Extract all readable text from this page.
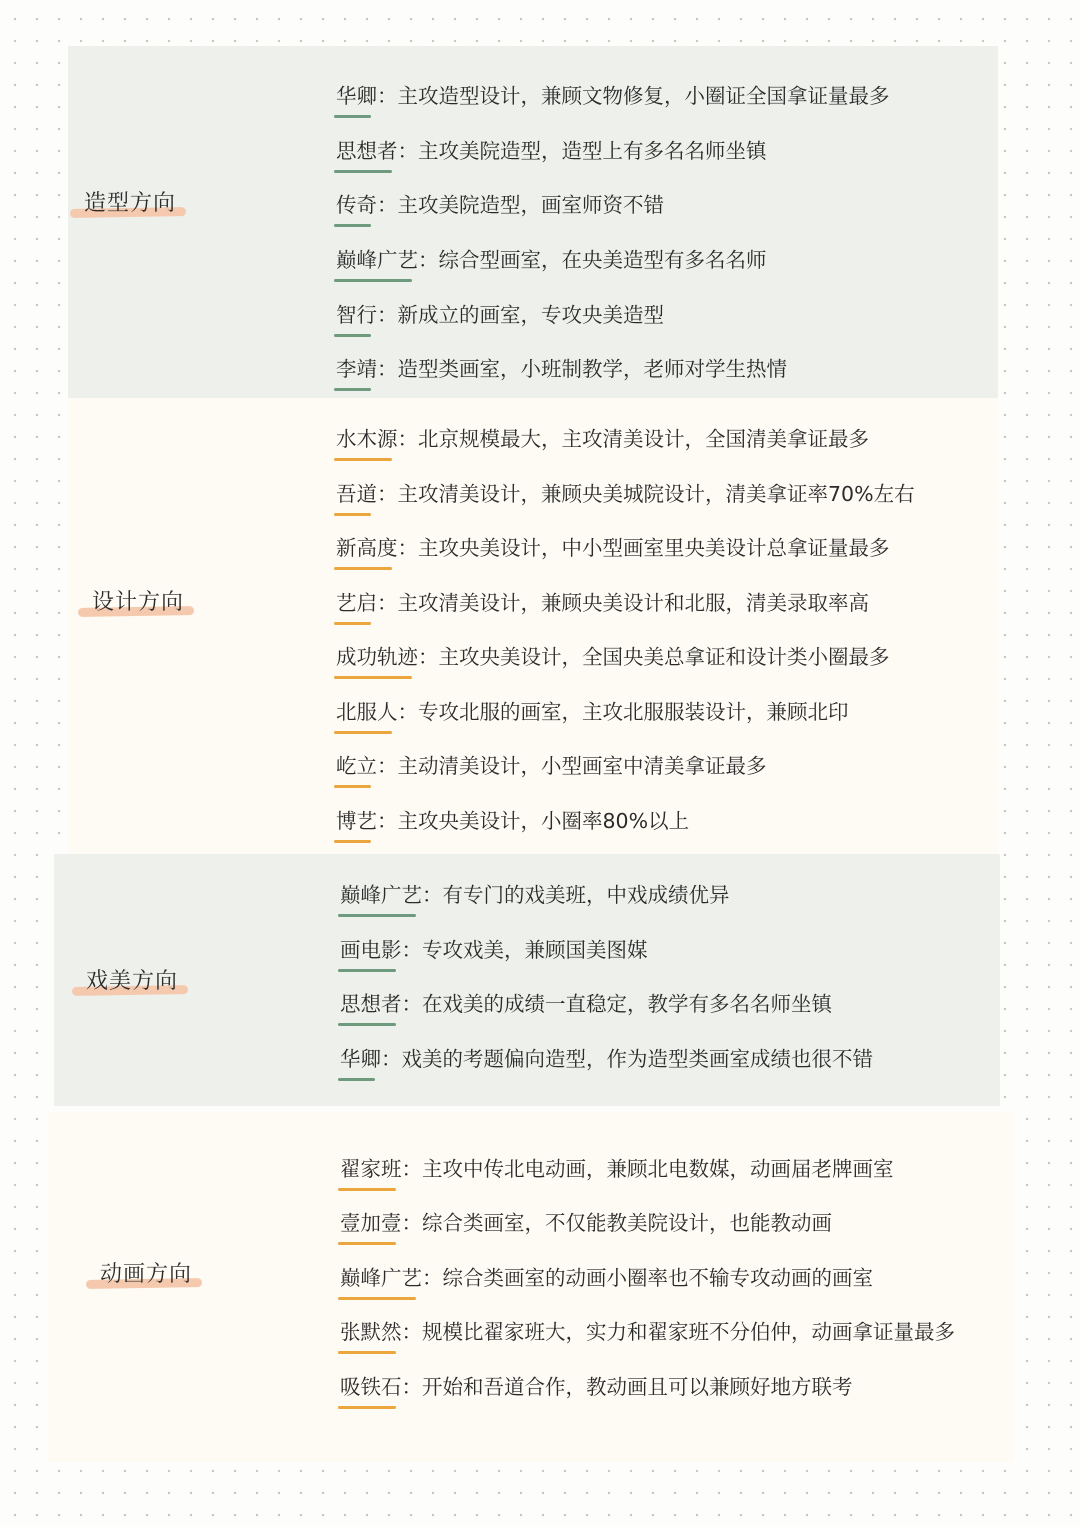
造型方向
设计方向
戏美方向
动画方向
华卿
：主攻造型设计，兼顾文物修复，小圈证全国拿证量最多
思想者
：主攻美院造型，造型上有多名名师坐镇
传奇
：主攻美院造型，画室师资不错
巅峰广艺
：综合型画室，在央美造型有多名名师
智行
：新成立的画室，专攻央美造型
李靖
：造型类画室，小班制教学，老师对学生热情
水木源
：北京规模最大，主攻清美设计，全国清美拿证最多
吾道
：主攻清美设计，兼顾央美城院设计，清美拿证率70%左右
新高度
：主攻央美设计，中小型画室里央美设计总拿证量最多
艺启
：主攻清美设计，兼顾央美设计和北服，清美录取率高
成功轨迹
：主攻央美设计，全国央美总拿证和设计类小圈最多
北服人
：专攻北服的画室，主攻北服服装设计，兼顾北印
屹立
：主动清美设计，小型画室中清美拿证最多
博艺
：主攻央美设计，小圈率80%以上
巅峰广艺
：有专门的戏美班，中戏成绩优异
画电影
：专攻戏美，兼顾国美图媒
思想者
：在戏美的成绩一直稳定，教学有多名名师坐镇
华卿
：戏美的考题偏向造型，作为造型类画室成绩也很不错
翟家班
：主攻中传北电动画，兼顾北电数媒，动画届老牌画室
壹加壹
：综合类画室，不仅能教美院设计，也能教动画
巅峰广艺
：综合类画室的动画小圈率也不输专攻动画的画室
张默然
：规模比翟家班大，实力和翟家班不分伯仲，动画拿证量最多
吸铁石
：开始和吾道合作，教动画且可以兼顾好地方联考
